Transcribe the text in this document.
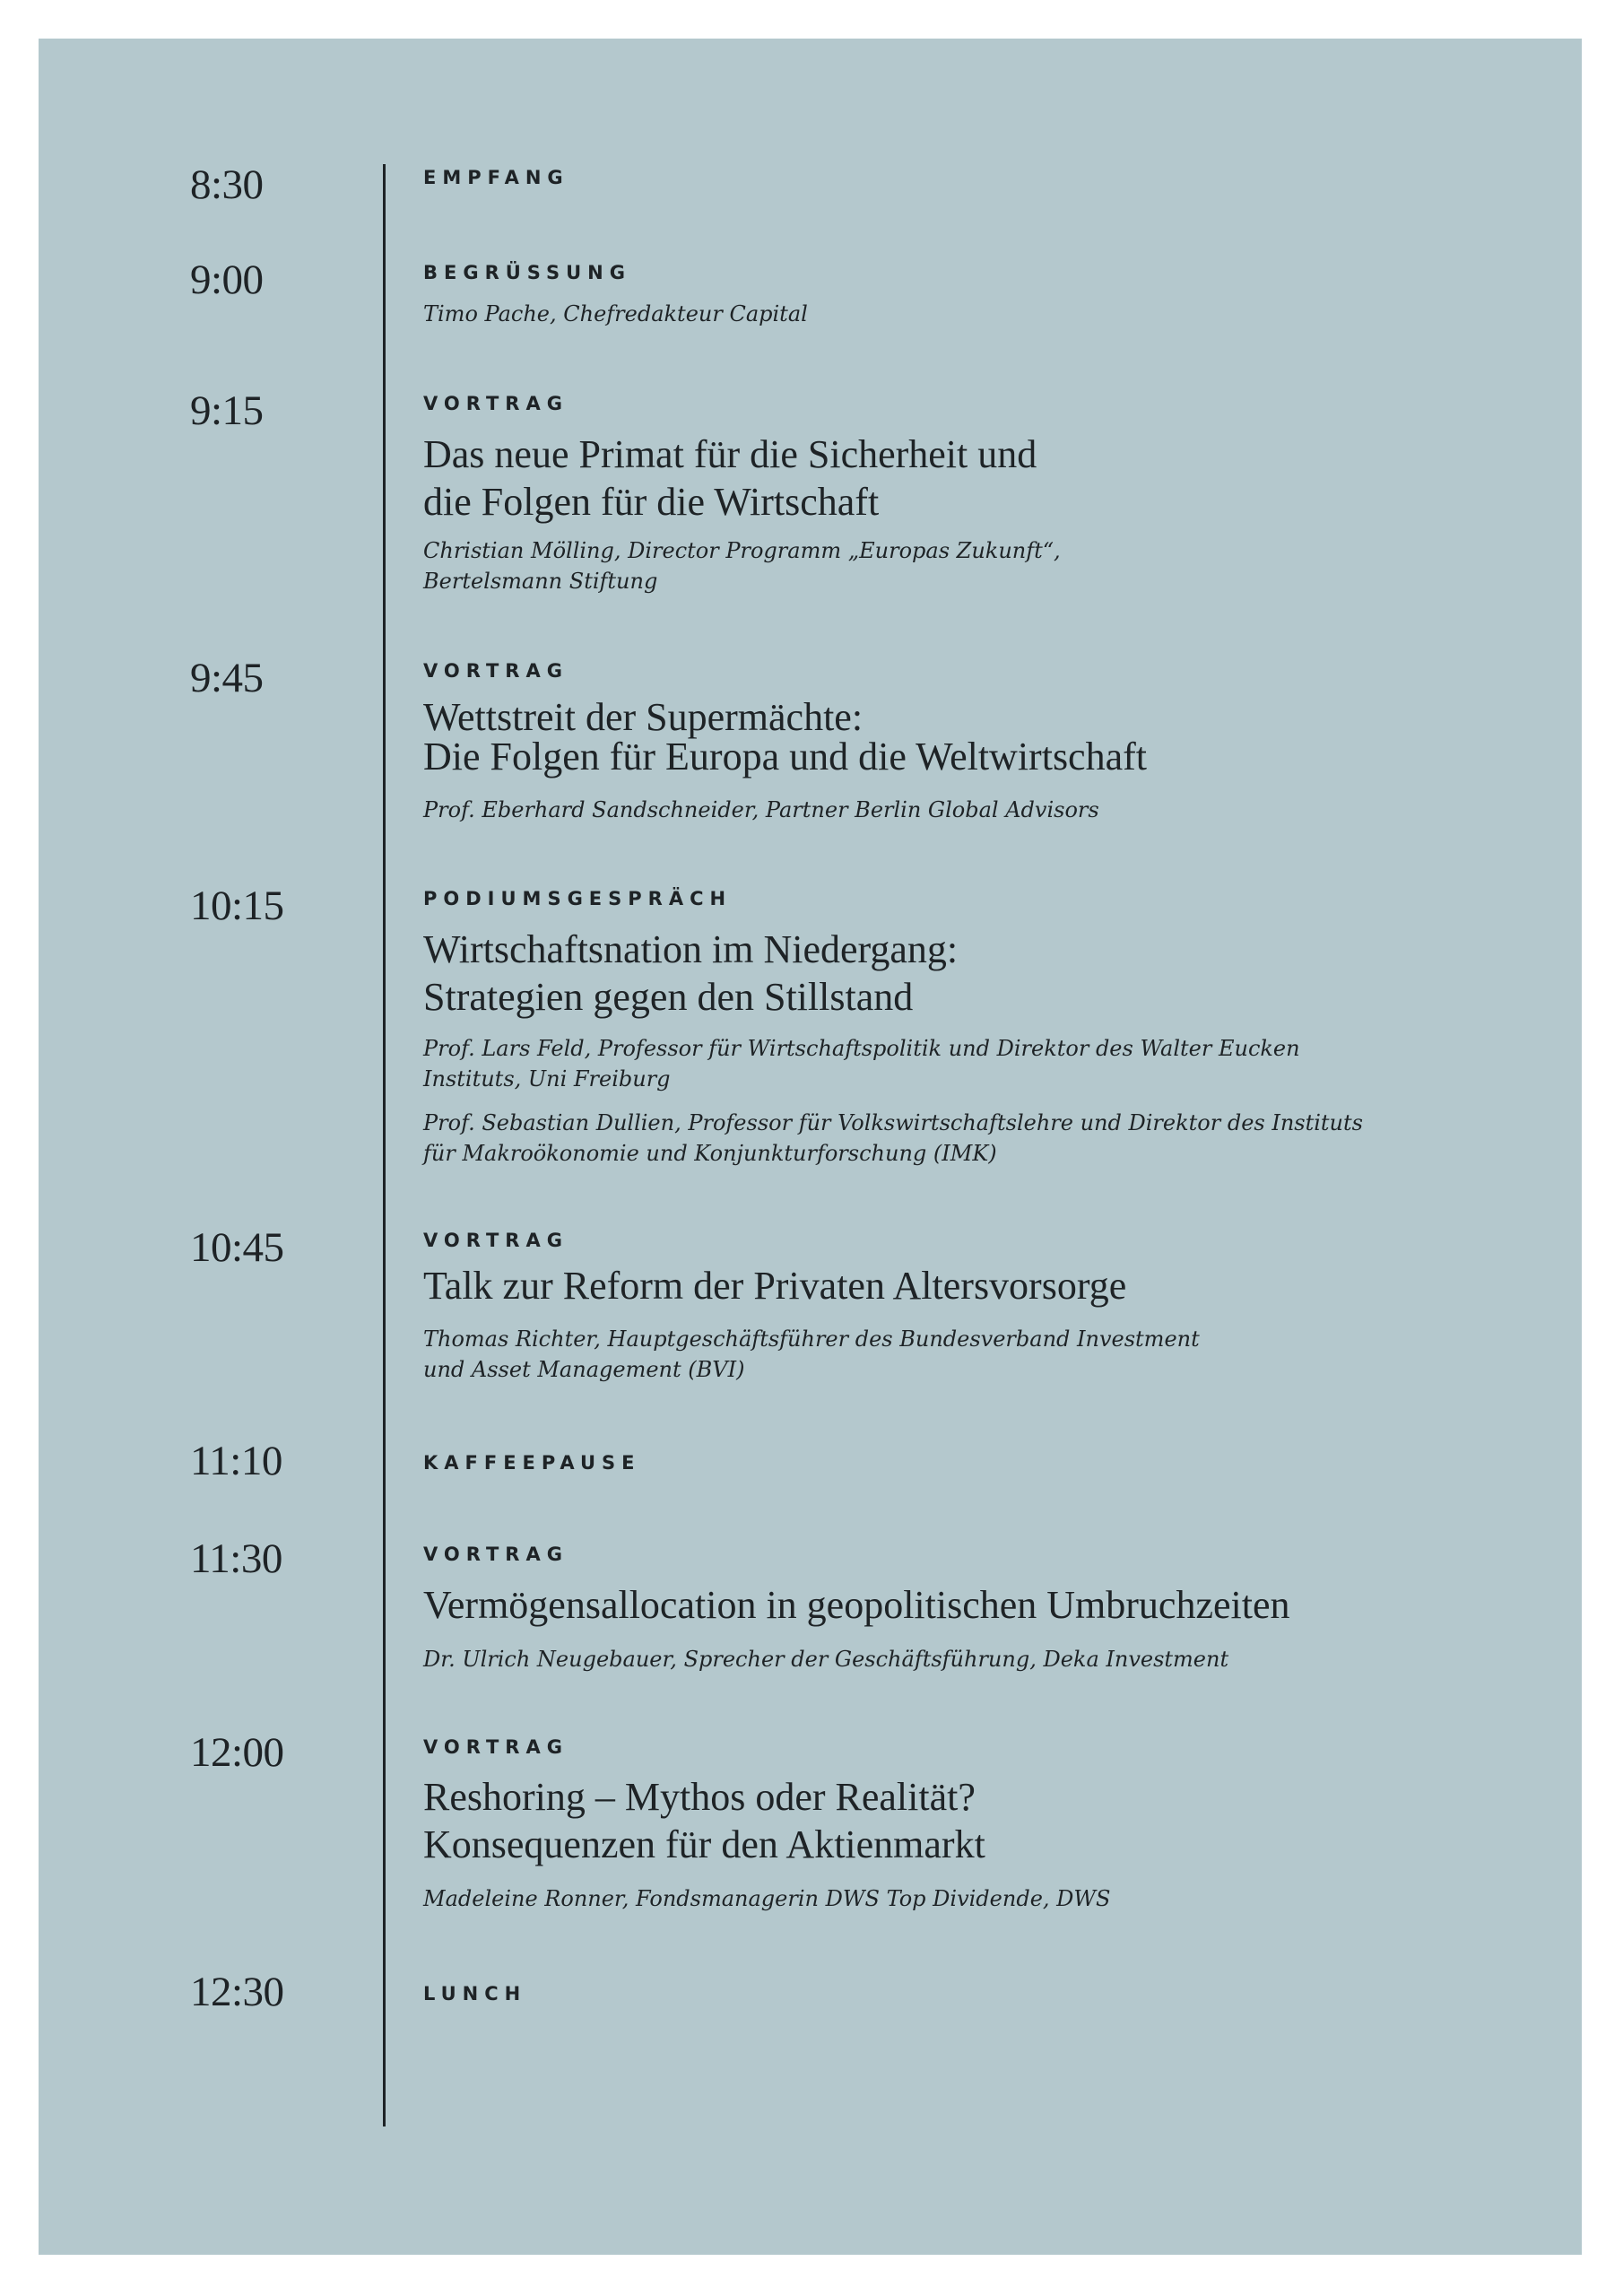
8:30	EMPFANG
9:00	BEGRÜSSUNG
Timo Pache, Chefredakteur Capital
9:15	VORTRAG
Das neue Primat für die Sicherheit und
die Folgen für die Wirtschaft
Christian Mölling, Director Programm „Europas Zukunft“,
Bertelsmann Stiftung
9:45	VORTRAG
Wettstreit der Supermächte:
Die Folgen für Europa und die Weltwirtschaft
Prof. Eberhard Sandschneider, Partner Berlin Global Advisors
10:15	PODIUMSGESPRÄCH
Wirtschaftsnation im Niedergang:
Strategien gegen den Stillstand
Prof. Lars Feld, Professor für Wirtschaftspolitik und Direktor des Walter Eucken
Instituts, Uni Freiburg
Prof. Sebastian Dullien, Professor für Volkswirtschaftslehre und Direktor des Instituts
für Makroökonomie und Konjunkturforschung (IMK)
10:45	VORTRAG
Talk zur Reform der Privaten Altersvorsorge
Thomas Richter, Hauptgeschäftsführer des Bundesverband Investment
und Asset Management (BVI)
11:10	KAFFEEPAUSE
11:30	VORTRAG
Vermögensallocation in geopolitischen Umbruchzeiten
Dr. Ulrich Neugebauer, Sprecher der Geschäftsführung, Deka Investment
12:00	VORTRAG
Reshoring – Mythos oder Realität?
Konsequenzen für den Aktienmarkt
Madeleine Ronner, Fondsmanagerin DWS Top Dividende, DWS
12:30	LUNCH
